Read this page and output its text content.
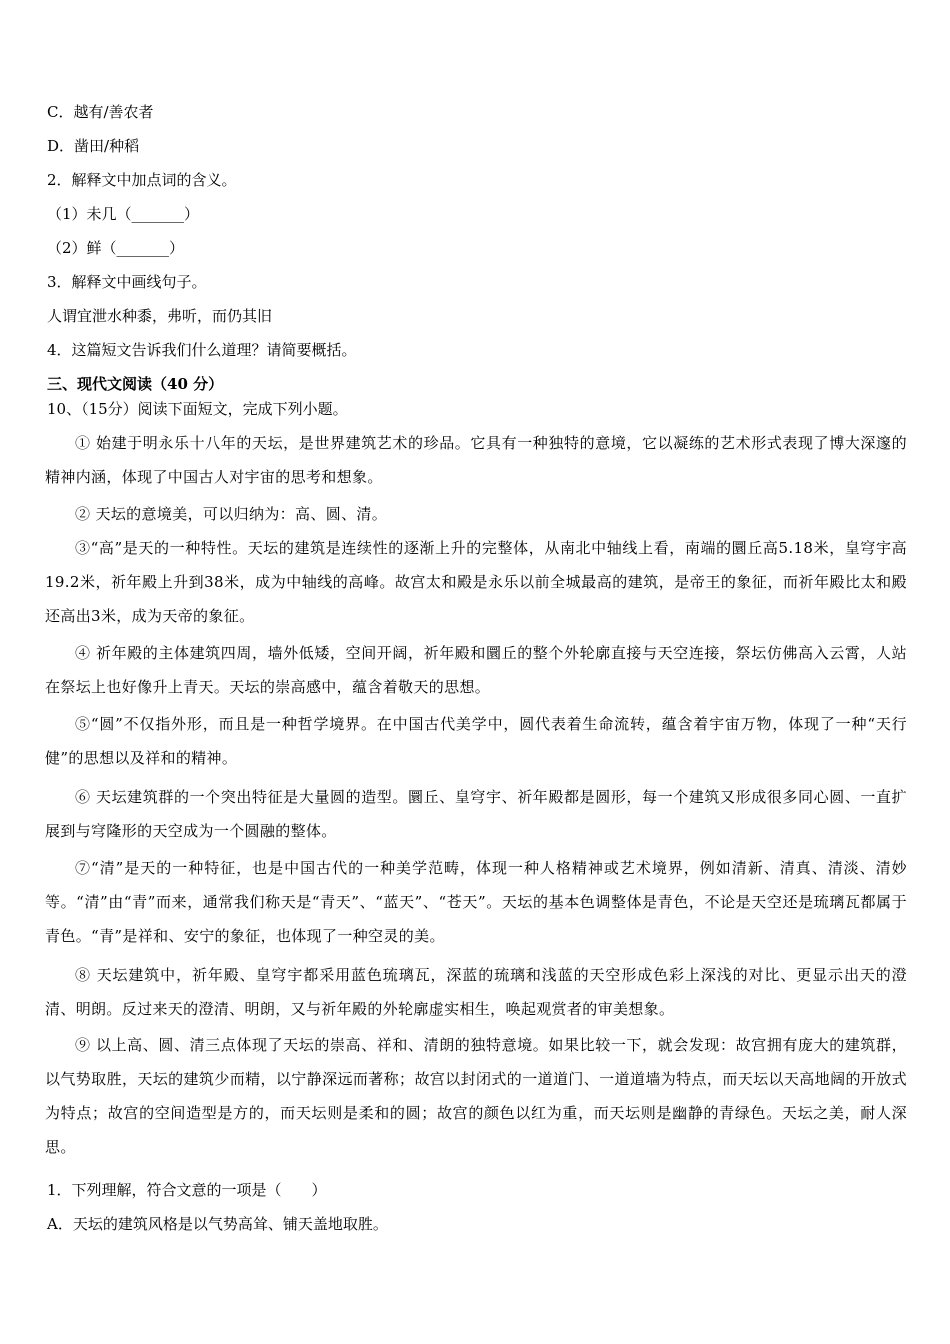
C．越有/善农者
D．凿田/种稻
2．解释文中加点词的含义。
（1）未几（_______）
（2）鲜（_______）
3．解释文中画线句子。
人谓宜泄水种黍，弗听，而仍其旧
4．这篇短文告诉我们什么道理？请简要概括。
三、现代文阅读（40 分）
10、（15分）阅读下面短文，完成下列小题。
① 始建于明永乐十八年的天坛，是世界建筑艺术的珍品。它具有一种独特的意境，它以凝练的艺术形式表现了博大深邃的精神内涵，体现了中国古人对宇宙的思考和想象。
② 天坛的意境美，可以归纳为：高、圆、清。
③“高”是天的一种特性。天坛的建筑是连续性的逐渐上升的完整体，从南北中轴线上看，南端的圜丘高5.18米，皇穹宇高19.2米，祈年殿上升到38米，成为中轴线的高峰。故宫太和殿是永乐以前全城最高的建筑，是帝王的象征，而祈年殿比太和殿还高出3米，成为天帝的象征。
④ 祈年殿的主体建筑四周，墙外低矮，空间开阔，祈年殿和圜丘的整个外轮廓直接与天空连接，祭坛仿佛高入云霄，人站在祭坛上也好像升上青天。天坛的崇高感中，蕴含着敬天的思想。
⑤“圆”不仅指外形，而且是一种哲学境界。在中国古代美学中，圆代表着生命流转，蕴含着宇宙万物，体现了一种“天行健”的思想以及祥和的精神。
⑥ 天坛建筑群的一个突出特征是大量圆的造型。圜丘、皇穹宇、祈年殿都是圆形，每一个建筑又形成很多同心圆、一直扩展到与穹隆形的天空成为一个圆融的整体。
⑦“清”是天的一种特征，也是中国古代的一种美学范畴，体现一种人格精神或艺术境界，例如清新、清真、清淡、清妙等。“清”由“青”而来，通常我们称天是“青天”、“蓝天”、“苍天”。天坛的基本色调整体是青色，不论是天空还是琉璃瓦都属于青色。“青”是祥和、安宁的象征，也体现了一种空灵的美。
⑧ 天坛建筑中，祈年殿、皇穹宇都采用蓝色琉璃瓦，深蓝的琉璃和浅蓝的天空形成色彩上深浅的对比、更显示出天的澄清、明朗。反过来天的澄清、明朗，又与祈年殿的外轮廓虚实相生，唤起观赏者的审美想象。
⑨ 以上高、圆、清三点体现了天坛的崇高、祥和、清朗的独特意境。如果比较一下，就会发现：故宫拥有庞大的建筑群，以气势取胜，天坛的建筑少而精，以宁静深远而著称；故宫以封闭式的一道道门、一道道墙为特点，而天坛以天高地阔的开放式为特点；故宫的空间造型是方的，而天坛则是柔和的圆；故宫的颜色以红为重，而天坛则是幽静的青绿色。天坛之美，耐人深思。
1．下列理解，符合文意的一项是（　　）
A．天坛的建筑风格是以气势高耸、铺天盖地取胜。
